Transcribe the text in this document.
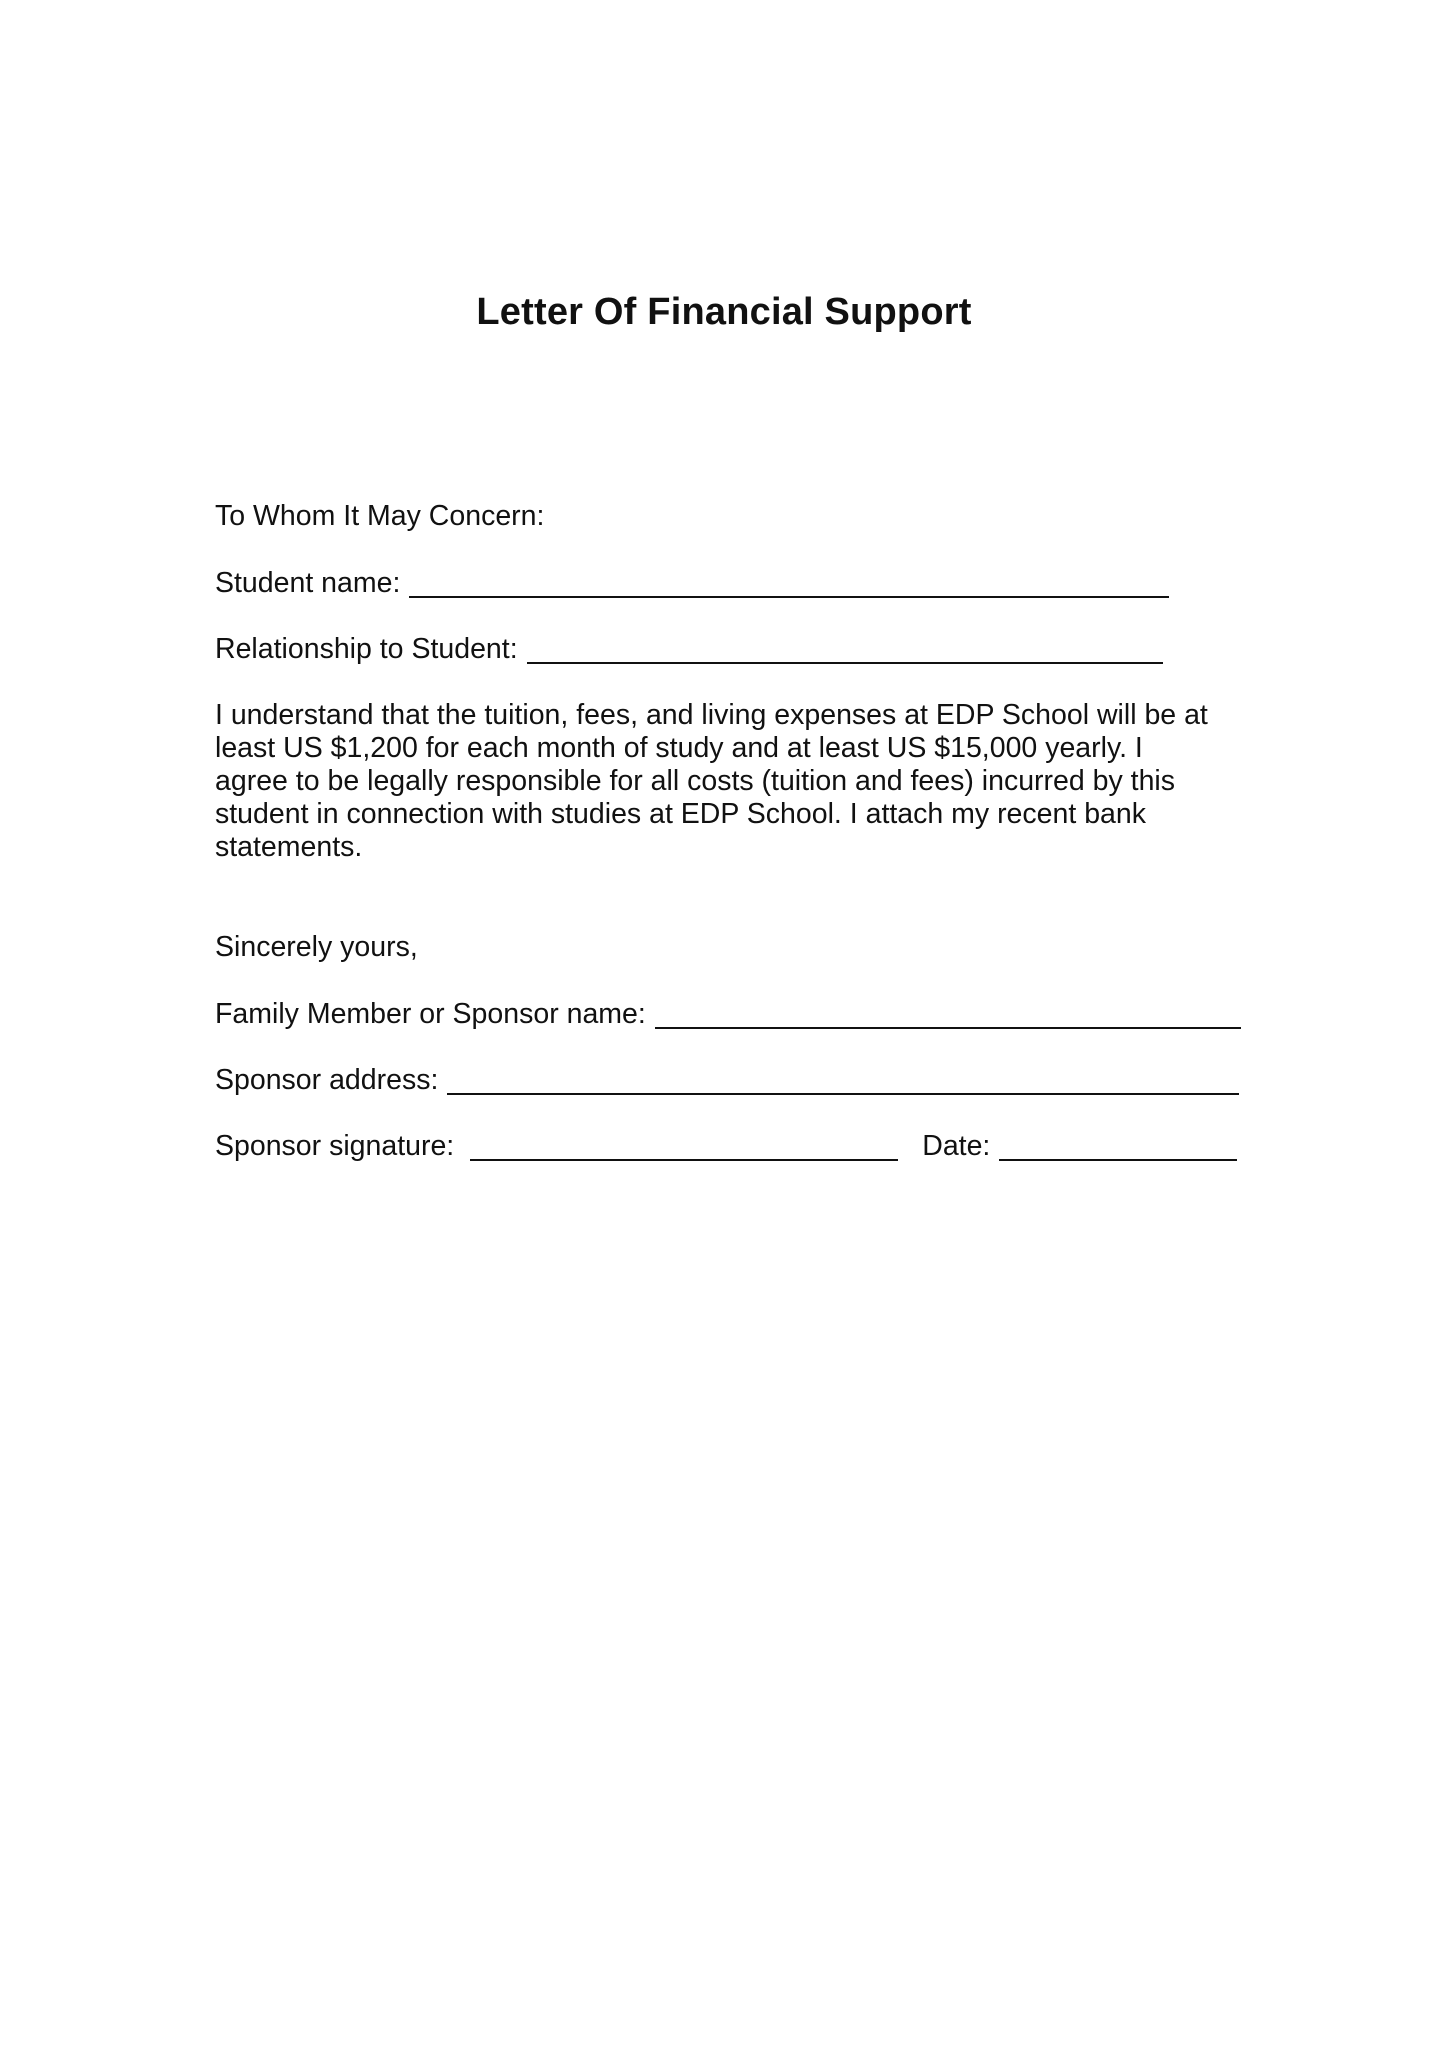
Letter Of Financial Support
To Whom It May Concern:
Student name:
Relationship to Student:
I understand that the tuition, fees, and living expenses at EDP School will be at
least US $1,200 for each month of study and at least US $15,000 yearly. I
agree to be legally responsible for all costs (tuition and fees) incurred by this
student in connection with studies at EDP School. I attach my recent bank
statements.
Sincerely yours,
Family Member or Sponsor name:
Sponsor address:
Sponsor signature:	Date:
